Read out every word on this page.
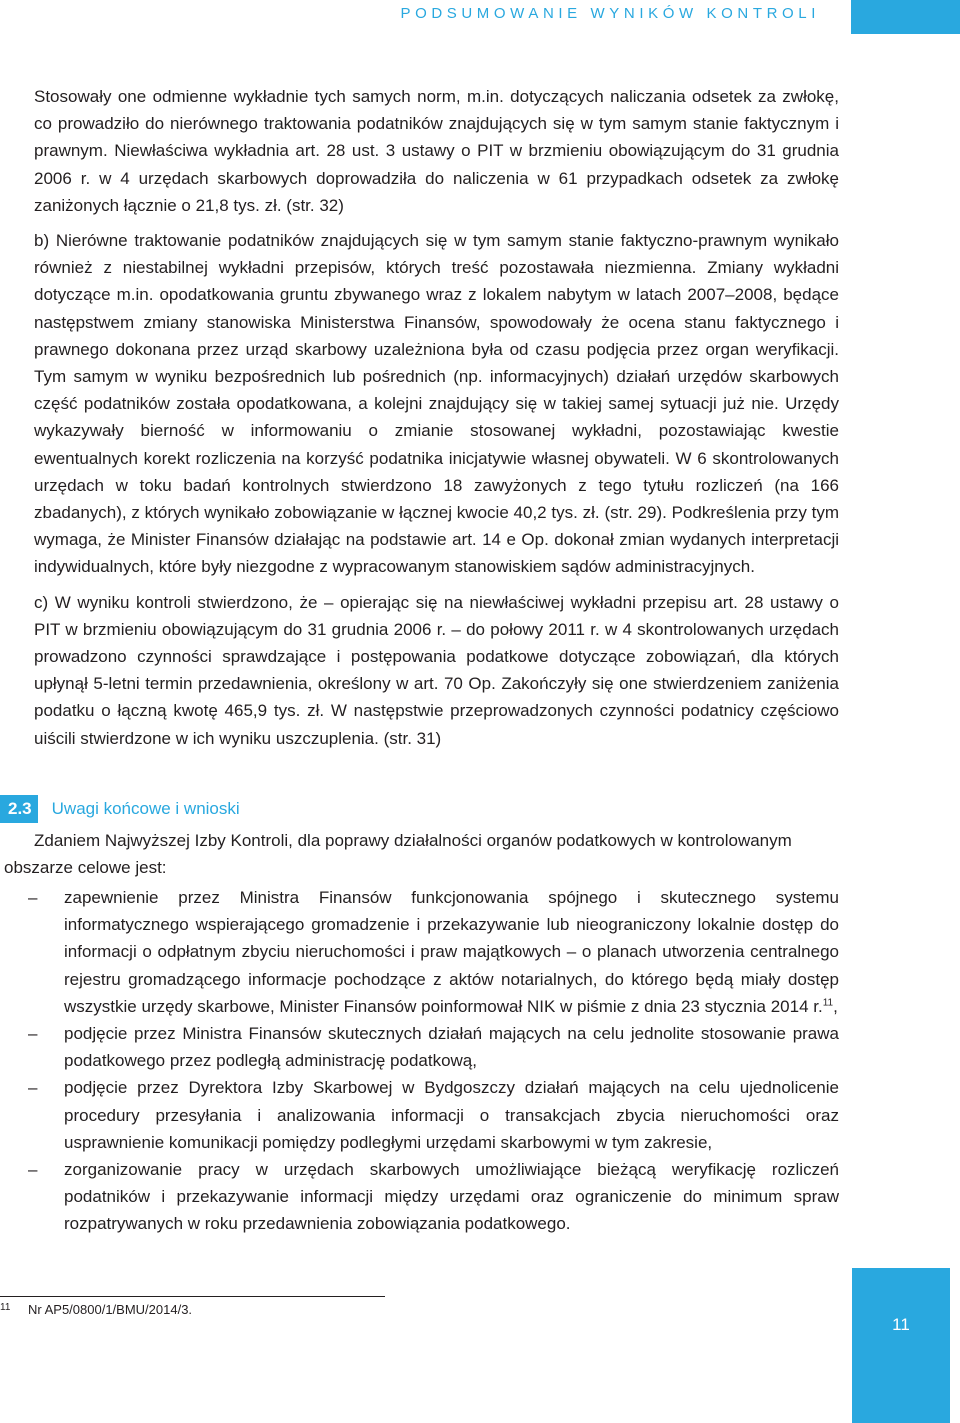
PODSUMOWANIE WYNIKÓW KONTROLI

Stosowały one odmienne wykładnie tych samych norm, m.in. dotyczących naliczania odsetek za zwłokę, co prowadziło do nierównego traktowania podatników znajdujących się w tym samym stanie faktycznym i prawnym. Niewłaściwa wykładnia art. 28 ust. 3 ustawy o PIT w brzmieniu obowiązującym do 31 grudnia 2006 r. w 4 urzędach skarbowych doprowadziła do naliczenia w 61 przypadkach odsetek za zwłokę zaniżonych łącznie o 21,8 tys. zł. (str. 32)

b) Nierówne traktowanie podatników znajdujących się w tym samym stanie faktyczno-prawnym wynikało również z niestabilnej wykładni przepisów, których treść pozostawała niezmienna. Zmiany wykładni dotyczące m.in. opodatkowania gruntu zbywanego wraz z lokalem nabytym w latach 2007–2008, będące następstwem zmiany stanowiska Ministerstwa Finansów, spowodowały że ocena stanu faktycznego i prawnego dokonana przez urząd skarbowy uzależniona była od czasu podjęcia przez organ weryfikacji. Tym samym w wyniku bezpośrednich lub pośrednich (np. informacyjnych) działań urzędów skarbowych część podatników została opodatkowana, a kolejni znajdujący się w takiej samej sytuacji już nie. Urzędy wykazywały bierność w informowaniu o zmianie stosowanej wykładni, pozostawiając kwestie ewentualnych korekt rozliczenia na korzyść podatnika inicjatywie własnej obywateli. W 6 skontrolowanych urzędach w toku badań kontrolnych stwierdzono 18 zawyżonych z tego tytułu rozliczeń (na 166 zbadanych), z których wynikało zobowiązanie w łącznej kwocie 40,2 tys. zł. (str. 29). Podkreślenia przy tym wymaga, że Minister Finansów działając na podstawie art. 14 e Op. dokonał zmian wydanych interpretacji indywidualnych, które były niezgodne z wypracowanym stanowiskiem sądów administracyjnych.

c) W wyniku kontroli stwierdzono, że – opierając się na niewłaściwej wykładni przepisu art. 28 ustawy o PIT w brzmieniu obowiązującym do 31 grudnia 2006 r. – do połowy 2011 r. w 4 skontrolowanych urzędach prowadzono czynności sprawdzające i postępowania podatkowe dotyczące zobowiązań, dla których upłynął 5-letni termin przedawnienia, określony w art. 70 Op. Zakończyły się one stwierdzeniem zaniżenia podatku o łączną kwotę 465,9 tys. zł. W następstwie przeprowadzonych czynności podatnicy częściowo uiścili stwierdzone w ich wyniku uszczuplenia. (str. 31)

2.3	Uwagi końcowe i wnioski
Zdaniem Najwyższej Izby Kontroli, dla poprawy działalności organów podatkowych w kontrolowanym
obszarze celowe jest:
– zapewnienie przez Ministra Finansów funkcjonowania spójnego i skutecznego systemu informatycznego wspierającego gromadzenie i przekazywanie lub nieograniczony lokalnie dostęp do informacji o odpłatnym zbyciu nieruchomości i praw majątkowych – o planach utworzenia centralnego rejestru gromadzącego informacje pochodzące z aktów notarialnych, do którego będą miały dostęp wszystkie urzędy skarbowe, Minister Finansów poinformował NIK w piśmie z dnia 23 stycznia 2014 r.$^{11}$,
– podjęcie przez Ministra Finansów skutecznych działań mających na celu jednolite stosowanie prawa podatkowego przez podległą administrację podatkową,
– podjęcie przez Dyrektora Izby Skarbowej w Bydgoszczy działań mających na celu ujednolicenie procedury przesyłania i analizowania informacji o transakcjach zbycia nieruchomości oraz usprawnienie komunikacji pomiędzy podległymi urzędami skarbowymi w tym zakresie,
– zorganizowanie pracy w urzędach skarbowych umożliwiające bieżącą weryfikację rozliczeń podatników i przekazywanie informacji między urzędami oraz ograniczenie do minimum spraw rozpatrywanych w roku przedawnienia zobowiązania podatkowego.
11 Nr AP5/0800/1/BMU/2014/3.
11
